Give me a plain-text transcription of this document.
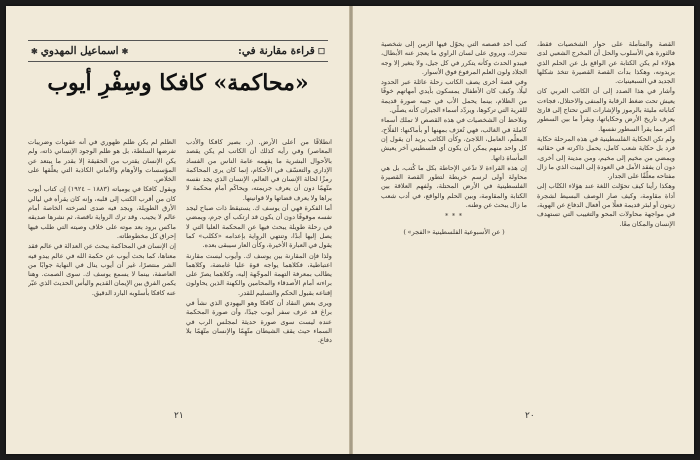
☐قراءة مقارنة في:
✱اسماعيل المهدوي✱
«محاكمة» كافكا وسِفْرِ أيوب

انطلاقًا من أعلى الأرض. (ر. بصير كافكا والأدب المعاصر) وفي رأيه كذلك أن الكاتب لم يكن يقصد بالأحوال البشرية ما يفهمه عامة الناس من الفساد الإداري والتعسّف في الأحكام، إنما كان يرى المحاكمة رمزًا لحالة الإنسان في العالم، الإنسان الذي يجد نفسه متّهمًا دون أن يعرف جريمته، ويحاكَم أمام محكمة لا يراها ولا يعرف قضاتها ولا قوانينها.

أما الفكرة فهي أن يوسف ك. يستيقظ ذات صباح ليجد نفسه موقوفًا دون أن يكون قد ارتكب أي جرم، ويمضي في رحلة طويلة يبحث فيها عن المحكمة العليا التي لا يصل إليها أبدًا، وتنتهي الرواية بإعدامه «ككلب» كما يقول في العبارة الأخيرة، وكأن العار سيبقى بعده.

ولذا فإن المقارنة بين يوسف ك. وأيوب ليست مقارنة اعتباطية، فكلاهما يواجه قوة عليا غامضة، وكلاهما يطالب بمعرفة التهمة الموجّهة إليه، وكلاهما يصرّ على براءته أمام الأصدقاء والمحامين والكهنة الذين يحاولون إقناعه بقبول الحكم والتسليم للقدر.

ويرى بعض النقاد أن كافكا وهو اليهودي الذي نشأ في براغ قد عرف سفر أيوب جيدًا، وأن صورة المحكمة عنده ليست سوى صورة حديثة لمجلس الرب في السماء حيث يقف الشيطان متّهِمًا والإنسان متّهَمًا بلا دفاع.

الظلم لم يكن ظلم ظهوري في أنه عقوبات وضريبات تفرضها السلطة، بل هو ظلم الوجود الإنساني ذاته، ولم يكن الإنسان يقترب من الحقيقة إلا بقدر ما يبتعد عن المؤسسات والأوهام والأماني الكاذبة التي يعلّقها على الخلاص.

ويقول كافكا في يومياته (١٨٨٣ – ١٩٢٤) إن كتاب أيوب كان من أقرب الكتب إلى قلبه، وإنه كان يقرأه في ليالي الأرق الطويلة، ويجد فيه صدى لصرخته الخاصة أمام عالم لا يجيب. وقد ترك الرواية ناقصة، ثم نشرها صديقه ماكس برود بعد موته على خلاف وصيته التي طلب فيها إحراق كل مخطوطاته.

إن الإنسان في المحاكمة يبحث عن العدالة في عالم فقد معناها، كما بحث أيوب عن حكمة الله في عالم يبدو فيه الشر منتصرًا، غير أن أيوب ينال في النهاية جوابًا من العاصفة، بينما لا يسمع يوسف ك. سوى الصمت. وهنا يكمن الفرق بين الإيمان القديم واليأس الحديث الذي عبّر عنه كافكا بأسلوبه البارد الدقيق.

٢١

القصة والمتأملة على حوار الشخصيات فقط، فالثورة هي الأسلوب والحل أن المخرج الشعبي لدى هؤلاء لم يكن الكتابة عن الواقع بل عن الحلم الذي يريدونه، وهكذا بدأت القصة القصيرة تتخذ شكلها الجديد في السبعينيات.

وأشار في هذا الصدد إلى أن الكاتب العربي كان يعيش تحت ضغط الرقابة والمنفى والاحتلال، فجاءت كتاباته مليئة بالرموز والإشارات التي تحتاج إلى قارئ يعرف تاريخ الأرض وحكاياتها، ويقرأ ما بين السطور أكثر مما يقرأ السطور نفسها.

ولم تكن الحكاية الفلسطينية في هذه المرحلة حكاية فرد بل حكاية شعب كامل، يحمل ذاكرته في حقائبه ويمضي من مخيم إلى مخيم، ومن مدينة إلى أخرى، دون أن يفقد الأمل في العودة إلى البيت الذي ما زال مفتاحه معلّقًا على الجدار.

وهكذا رأينا كيف تحوّلت اللغة عند هؤلاء الكتّاب إلى أداة مقاومة، وكيف صار الوصف البسيط لشجرة زيتون أو لبئر قديمة فعلًا من أفعال الدفاع عن الهوية، في مواجهة محاولات المحو والتغييب التي تستهدف الإنسان والمكان معًا.

كتب أحد قصصه التي يحوّل فيها الزمن إلى شخصية تتحرك، ويروي على لسان الراوي ما يعجز عنه الأبطال، فيبدو الحدث وكأنه يتكرر في كل جيل، ولا يتغير إلا وجه الجلاد ولون العلم المرفوع فوق الأسوار.

وفي قصة أخرى يصف الكاتب رحلة عائلة عبر الحدود ليلًا، وكيف كان الأطفال يمسكون بأيدي أمهاتهم خوفًا من الظلام، بينما يحمل الأب في جيبه صورة قديمة للقرية التي تركوها، ويردّد أسماء الجيران كأنه يصلّي.

ونلاحظ أن الشخصيات في هذه القصص لا تملك أسماء كاملة في الغالب، فهي تُعرَف بمهنها أو بأماكنها: الفلّاح، المعلّم، العامل، اللاجئ، وكأن الكاتب يريد أن يقول إن كل واحد منهم يمكن أن يكون أي فلسطيني آخر يعيش المأساة ذاتها.

إن هذه القراءة لا تدّعي الإحاطة بكل ما كُتب، بل هي محاولة أولى لرسم خريطة لتطور القصة القصيرة الفلسطينية في الأرض المحتلة، ولفهم العلاقة بين الكتابة والمقاومة، وبين الحلم والواقع، في أدب شعب ما زال يبحث عن وطنه.

* * *
( عن الأسبوعية الفلسطينية «الفجر» )
٢٠
